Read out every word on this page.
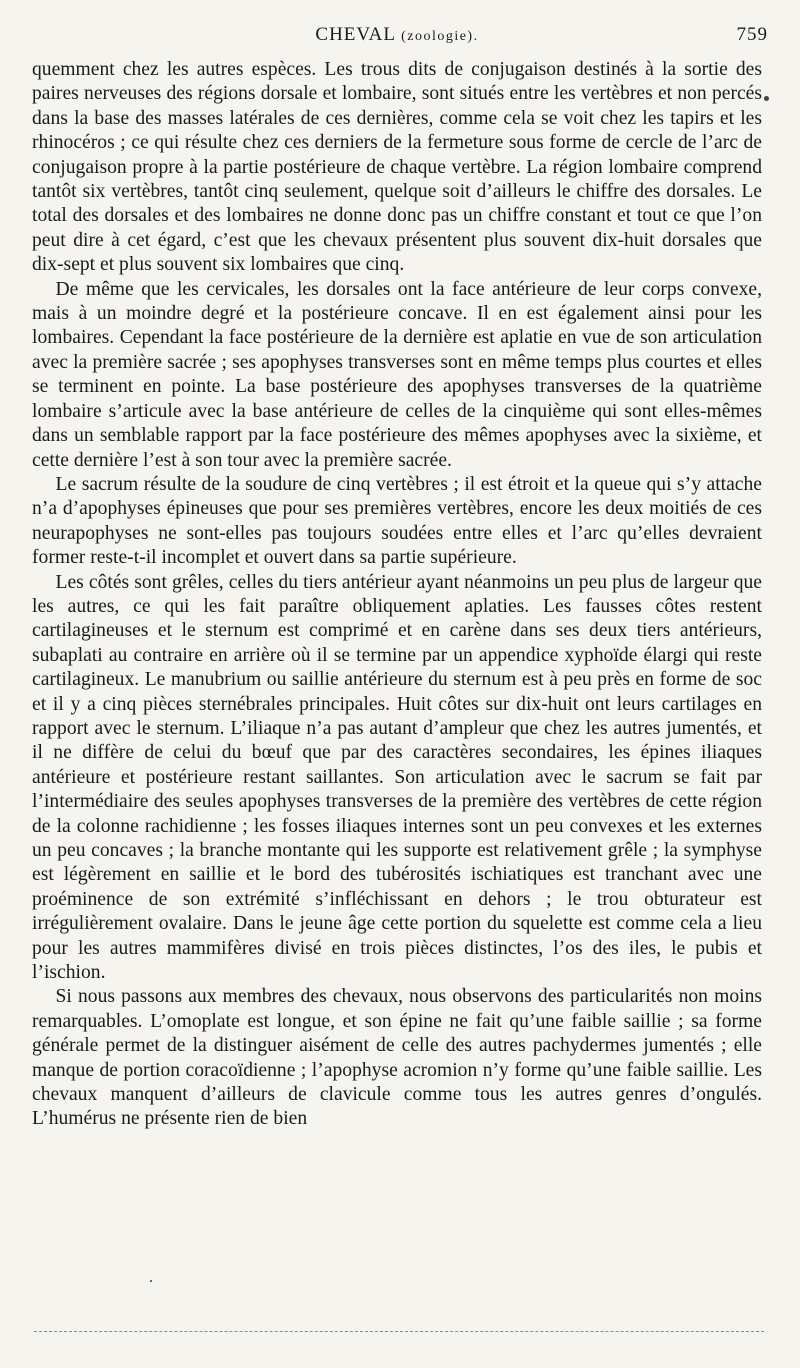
CHEVAL (zoologie).	759

quemment chez les autres espèces. Les trous dits de conjugaison destinés à la sortie des paires nerveuses des régions dorsale et lombaire, sont situés entre les vertèbres et non percés dans la base des masses latérales de ces dernières, comme cela se voit chez les tapirs et les rhinocéros ; ce qui résulte chez ces derniers de la fermeture sous forme de cercle de l’arc de conjugaison propre à la partie postérieure de chaque vertèbre. La région lombaire comprend tantôt six vertèbres, tantôt cinq seulement, quelque soit d’ailleurs le chiffre des dorsales. Le total des dorsales et des lombaires ne donne donc pas un chiffre constant et tout ce que l’on peut dire à cet égard, c’est que les chevaux présentent plus souvent dix-huit dorsales que dix-sept et plus souvent six lombaires que cinq.

De même que les cervicales, les dorsales ont la face antérieure de leur corps convexe, mais à un moindre degré et la postérieure concave. Il en est également ainsi pour les lombaires. Cependant la face postérieure de la dernière est aplatie en vue de son articulation avec la première sacrée ; ses apophyses transverses sont en même temps plus courtes et elles se terminent en pointe. La base postérieure des apophyses transverses de la quatrième lombaire s’articule avec la base antérieure de celles de la cinquième qui sont elles-mêmes dans un semblable rapport par la face postérieure des mêmes apophyses avec la sixième, et cette dernière l’est à son tour avec la première sacrée.

Le sacrum résulte de la soudure de cinq vertèbres ; il est étroit et la queue qui s’y attache n’a d’apophyses épineuses que pour ses premières vertèbres, encore les deux moitiés de ces neurapophyses ne sont-elles pas toujours soudées entre elles et l’arc qu’elles devraient former reste-t-il incomplet et ouvert dans sa partie supérieure.

Les côtés sont grêles, celles du tiers antérieur ayant néanmoins un peu plus de largeur que les autres, ce qui les fait paraître obliquement aplaties. Les fausses côtes restent cartilagineuses et le sternum est comprimé et en carène dans ses deux tiers antérieurs, subaplati au contraire en arrière où il se termine par un appendice xyphoïde élargi qui reste cartilagineux. Le manubrium ou saillie antérieure du sternum est à peu près en forme de soc et il y a cinq pièces sternébrales principales. Huit côtes sur dix-huit ont leurs cartilages en rapport avec le sternum. L’iliaque n’a pas autant d’ampleur que chez les autres jumentés, et il ne diffère de celui du bœuf que par des caractères secondaires, les épines iliaques antérieure et postérieure restant saillantes. Son articulation avec le sacrum se fait par l’intermédiaire des seules apophyses transverses de la première des vertèbres de cette région de la colonne rachidienne ; les fosses iliaques internes sont un peu convexes et les externes un peu concaves ; la branche montante qui les supporte est relativement grêle ; la symphyse est légèrement en saillie et le bord des tubérosités ischiatiques est tranchant avec une proéminence de son extrémité s’infléchissant en dehors ; le trou obturateur est irrégulièrement ovalaire. Dans le jeune âge cette portion du squelette est comme cela a lieu pour les autres mammifères divisé en trois pièces distinctes, l’os des iles, le pubis et l’ischion.

Si nous passons aux membres des chevaux, nous observons des particularités non moins remarquables. L’omoplate est longue, et son épine ne fait qu’une faible saillie ; sa forme générale permet de la distinguer aisément de celle des autres pachydermes jumentés ; elle manque de portion coracoïdienne ; l’apophyse acromion n’y forme qu’une faible saillie. Les chevaux manquent d’ailleurs de clavicule comme tous les autres genres d’ongulés. L’humérus ne présente rien de bien
